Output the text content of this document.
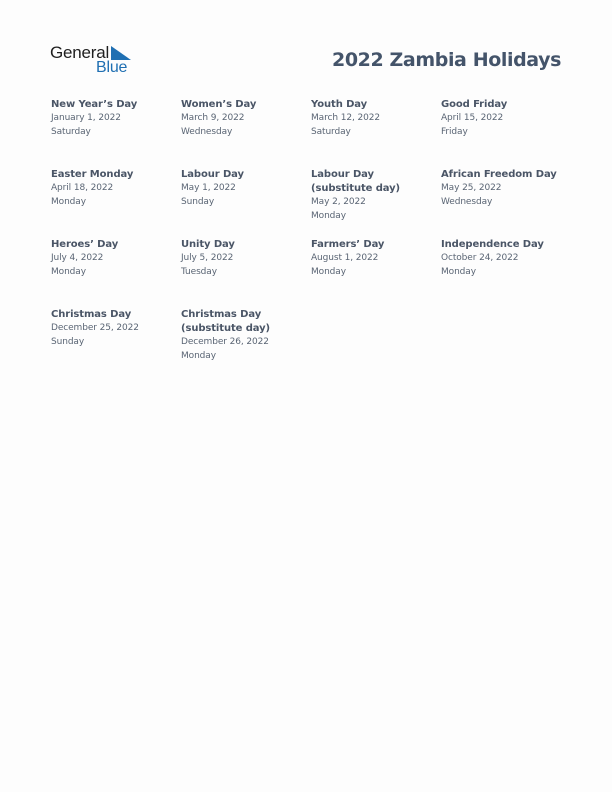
General
Blue	2022 Zambia Holidays
New Year’s Day
January 1, 2022
Saturday
Women’s Day
March 9, 2022
Wednesday
Youth Day
March 12, 2022
Saturday
Good Friday
April 15, 2022
Friday
Easter Monday
April 18, 2022
Monday
Labour Day
May 1, 2022
Sunday
Labour Day (substitute day)
May 2, 2022
Monday
African Freedom Day
May 25, 2022
Wednesday
Heroes’ Day
July 4, 2022
Monday
Unity Day
July 5, 2022
Tuesday
Farmers’ Day
August 1, 2022
Monday
Independence Day
October 24, 2022
Monday
Christmas Day
December 25, 2022
Sunday
Christmas Day (substitute day)
December 26, 2022
Monday
